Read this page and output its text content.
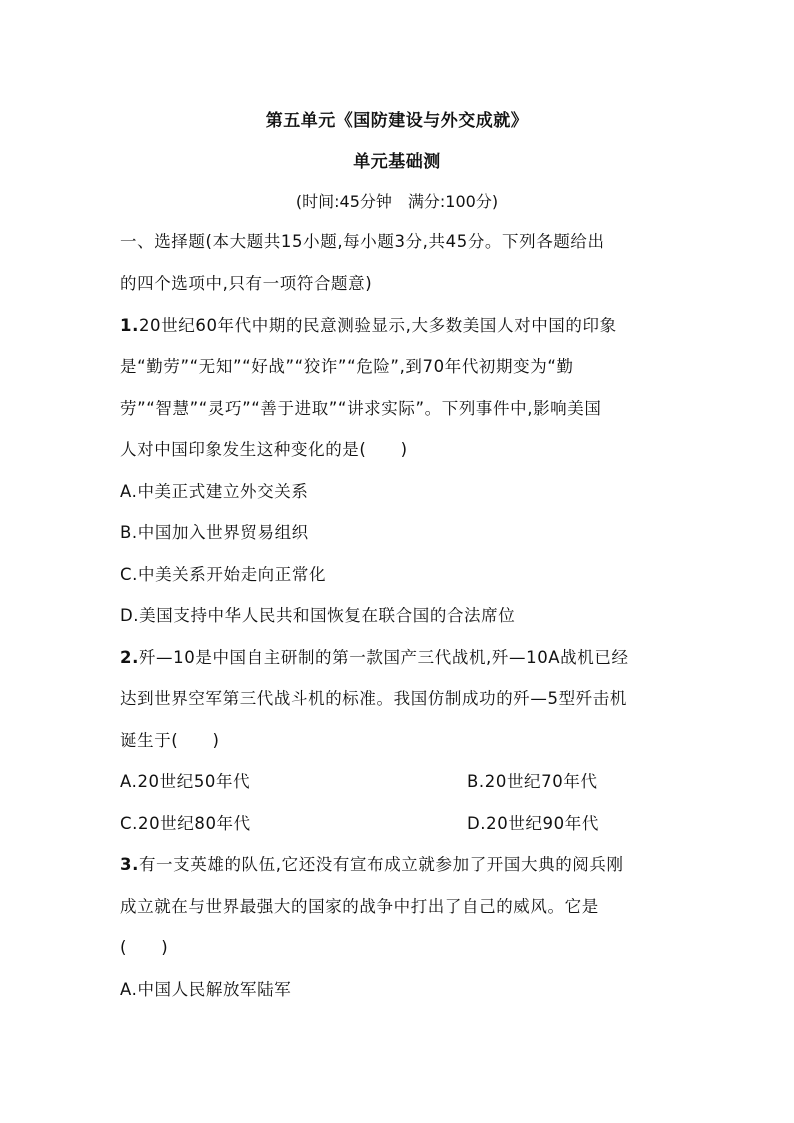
第五单元《国防建设与外交成就》
单元基础测
(时间:45分钟　满分:100分)
一、选择题(本大题共15小题,每小题3分,共45分。下列各题给出
的四个选项中,只有一项符合题意)
1.20世纪60年代中期的民意测验显示,大多数美国人对中国的印象
是“勤劳”“无知”“好战”“狡诈”“危险”,到70年代初期变为“勤
劳”“智慧”“灵巧”“善于进取”“讲求实际”。下列事件中,影响美国
人对中国印象发生这种变化的是(　　)
A.中美正式建立外交关系
B.中国加入世界贸易组织
C.中美关系开始走向正常化
D.美国支持中华人民共和国恢复在联合国的合法席位
2.歼—10是中国自主研制的第一款国产三代战机,歼—10A战机已经
达到世界空军第三代战斗机的标准。我国仿制成功的歼—5型歼击机
诞生于(　　)
A.20世纪50年代	B.20世纪70年代
C.20世纪80年代	D.20世纪90年代
3.有一支英雄的队伍,它还没有宣布成立就参加了开国大典的阅兵刚
成立就在与世界最强大的国家的战争中打出了自己的威风。它是
(　　)
A.中国人民解放军陆军
